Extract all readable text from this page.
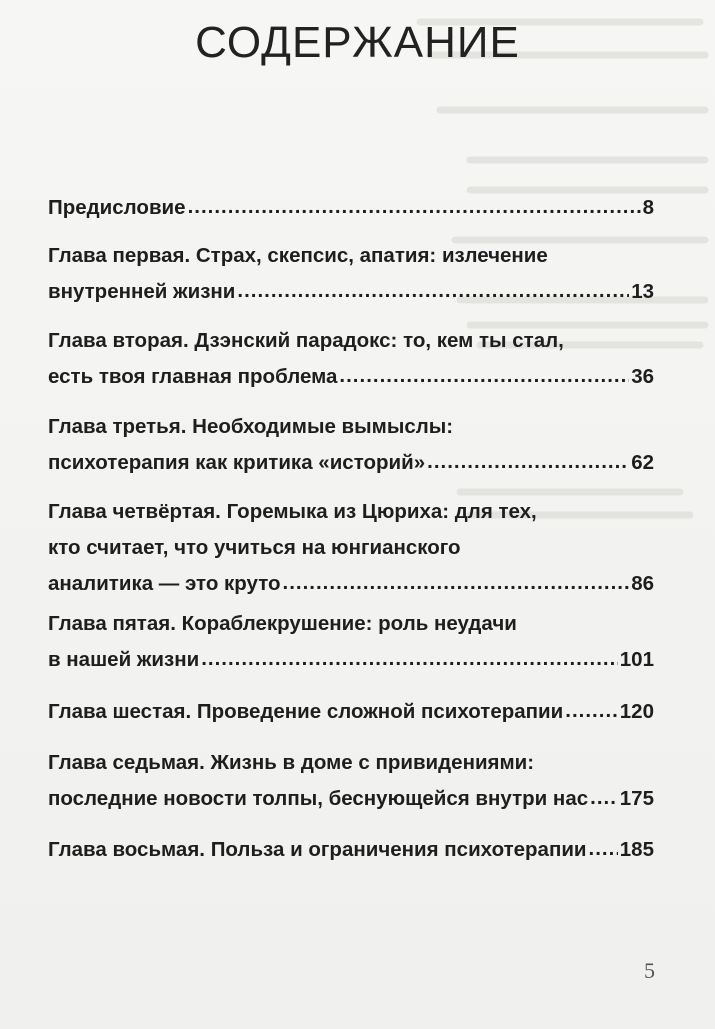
СОДЕРЖАНИЕ
Предисловие .....	8
Глава первая. Страх, скепсис, апатия: излечение
внутренней жизни .....	13
Глава вторая. Дзэнский парадокс: то, кем ты стал,
есть твоя главная проблема .....	36
Глава третья. Необходимые вымыслы:
психотерапия как критика «историй» .....	62
Глава четвёртая. Горемыка из Цюриха: для тех,
кто считает, что учиться на юнгианского
аналитика — это круто .....	86
Глава пятая. Кораблекрушение: роль неудачи
в нашей жизни .....	101
Глава шестая. Проведение сложной психотерапии .....	120
Глава седьмая. Жизнь в доме с привидениями:
последние новости толпы, беснующейся внутри нас ..... 175
Глава восьмая. Польза и ограничения психотерапии ..... 185
5
